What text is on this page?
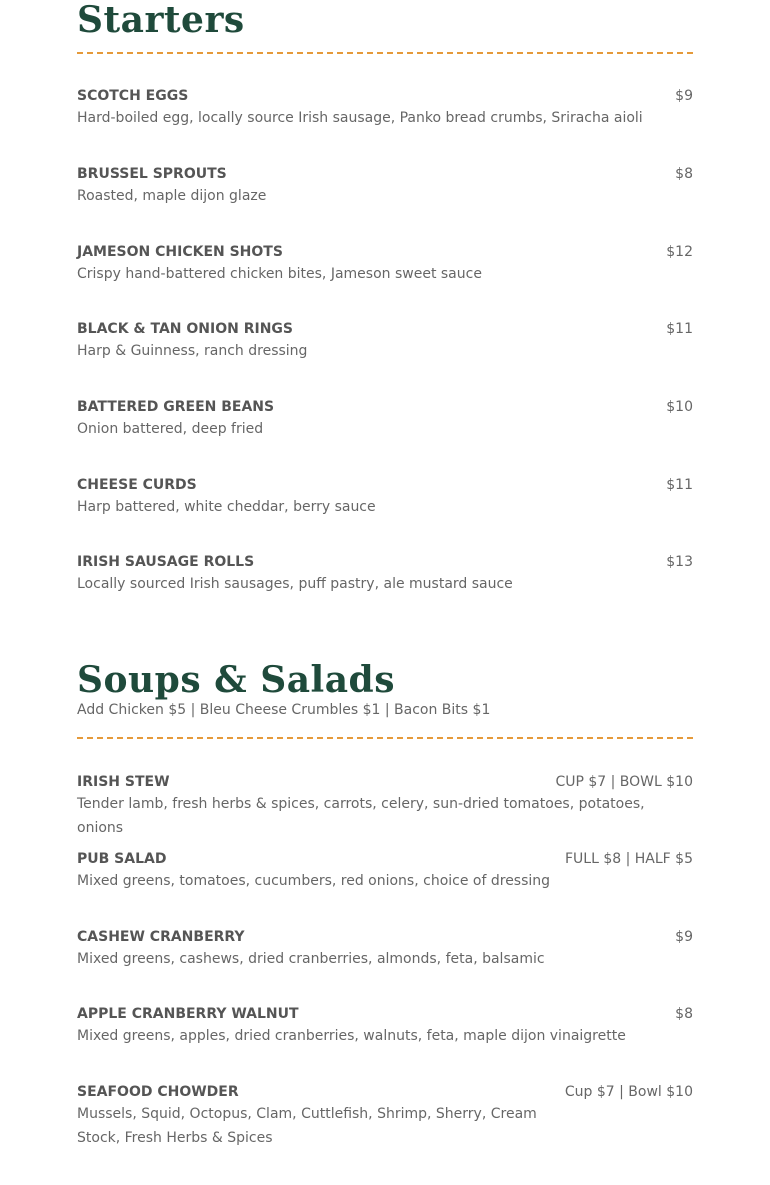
Starters
SCOTCH EGGS	$9
Hard-boiled egg, locally source Irish sausage, Panko bread crumbs, Sriracha aioli
BRUSSEL SPROUTS	$8
Roasted, maple dijon glaze
JAMESON CHICKEN SHOTS	$12
Crispy hand-battered chicken bites, Jameson sweet sauce
BLACK & TAN ONION RINGS	$11
Harp & Guinness, ranch dressing
BATTERED GREEN BEANS	$10
Onion battered, deep fried
CHEESE CURDS	$11
Harp battered, white cheddar, berry sauce
IRISH SAUSAGE ROLLS	$13
Locally sourced Irish sausages, puff pastry, ale mustard sauce
Soups & Salads
Add Chicken $5 | Bleu Cheese Crumbles $1 | Bacon Bits $1
IRISH STEW	CUP $7 | BOWL $10
Tender lamb, fresh herbs & spices, carrots, celery, sun-dried tomatoes, potatoes, onions
PUB SALAD	FULL $8 | HALF $5
Mixed greens, tomatoes, cucumbers, red onions, choice of dressing
CASHEW CRANBERRY	$9
Mixed greens, cashews, dried cranberries, almonds, feta, balsamic
APPLE CRANBERRY WALNUT	$8
Mixed greens, apples, dried cranberries, walnuts, feta, maple dijon vinaigrette
SEAFOOD CHOWDER	Cup $7 | Bowl $10
Mussels, Squid, Octopus, Clam, Cuttlefish, Shrimp, Sherry, Cream Stock, Fresh Herbs & Spices
